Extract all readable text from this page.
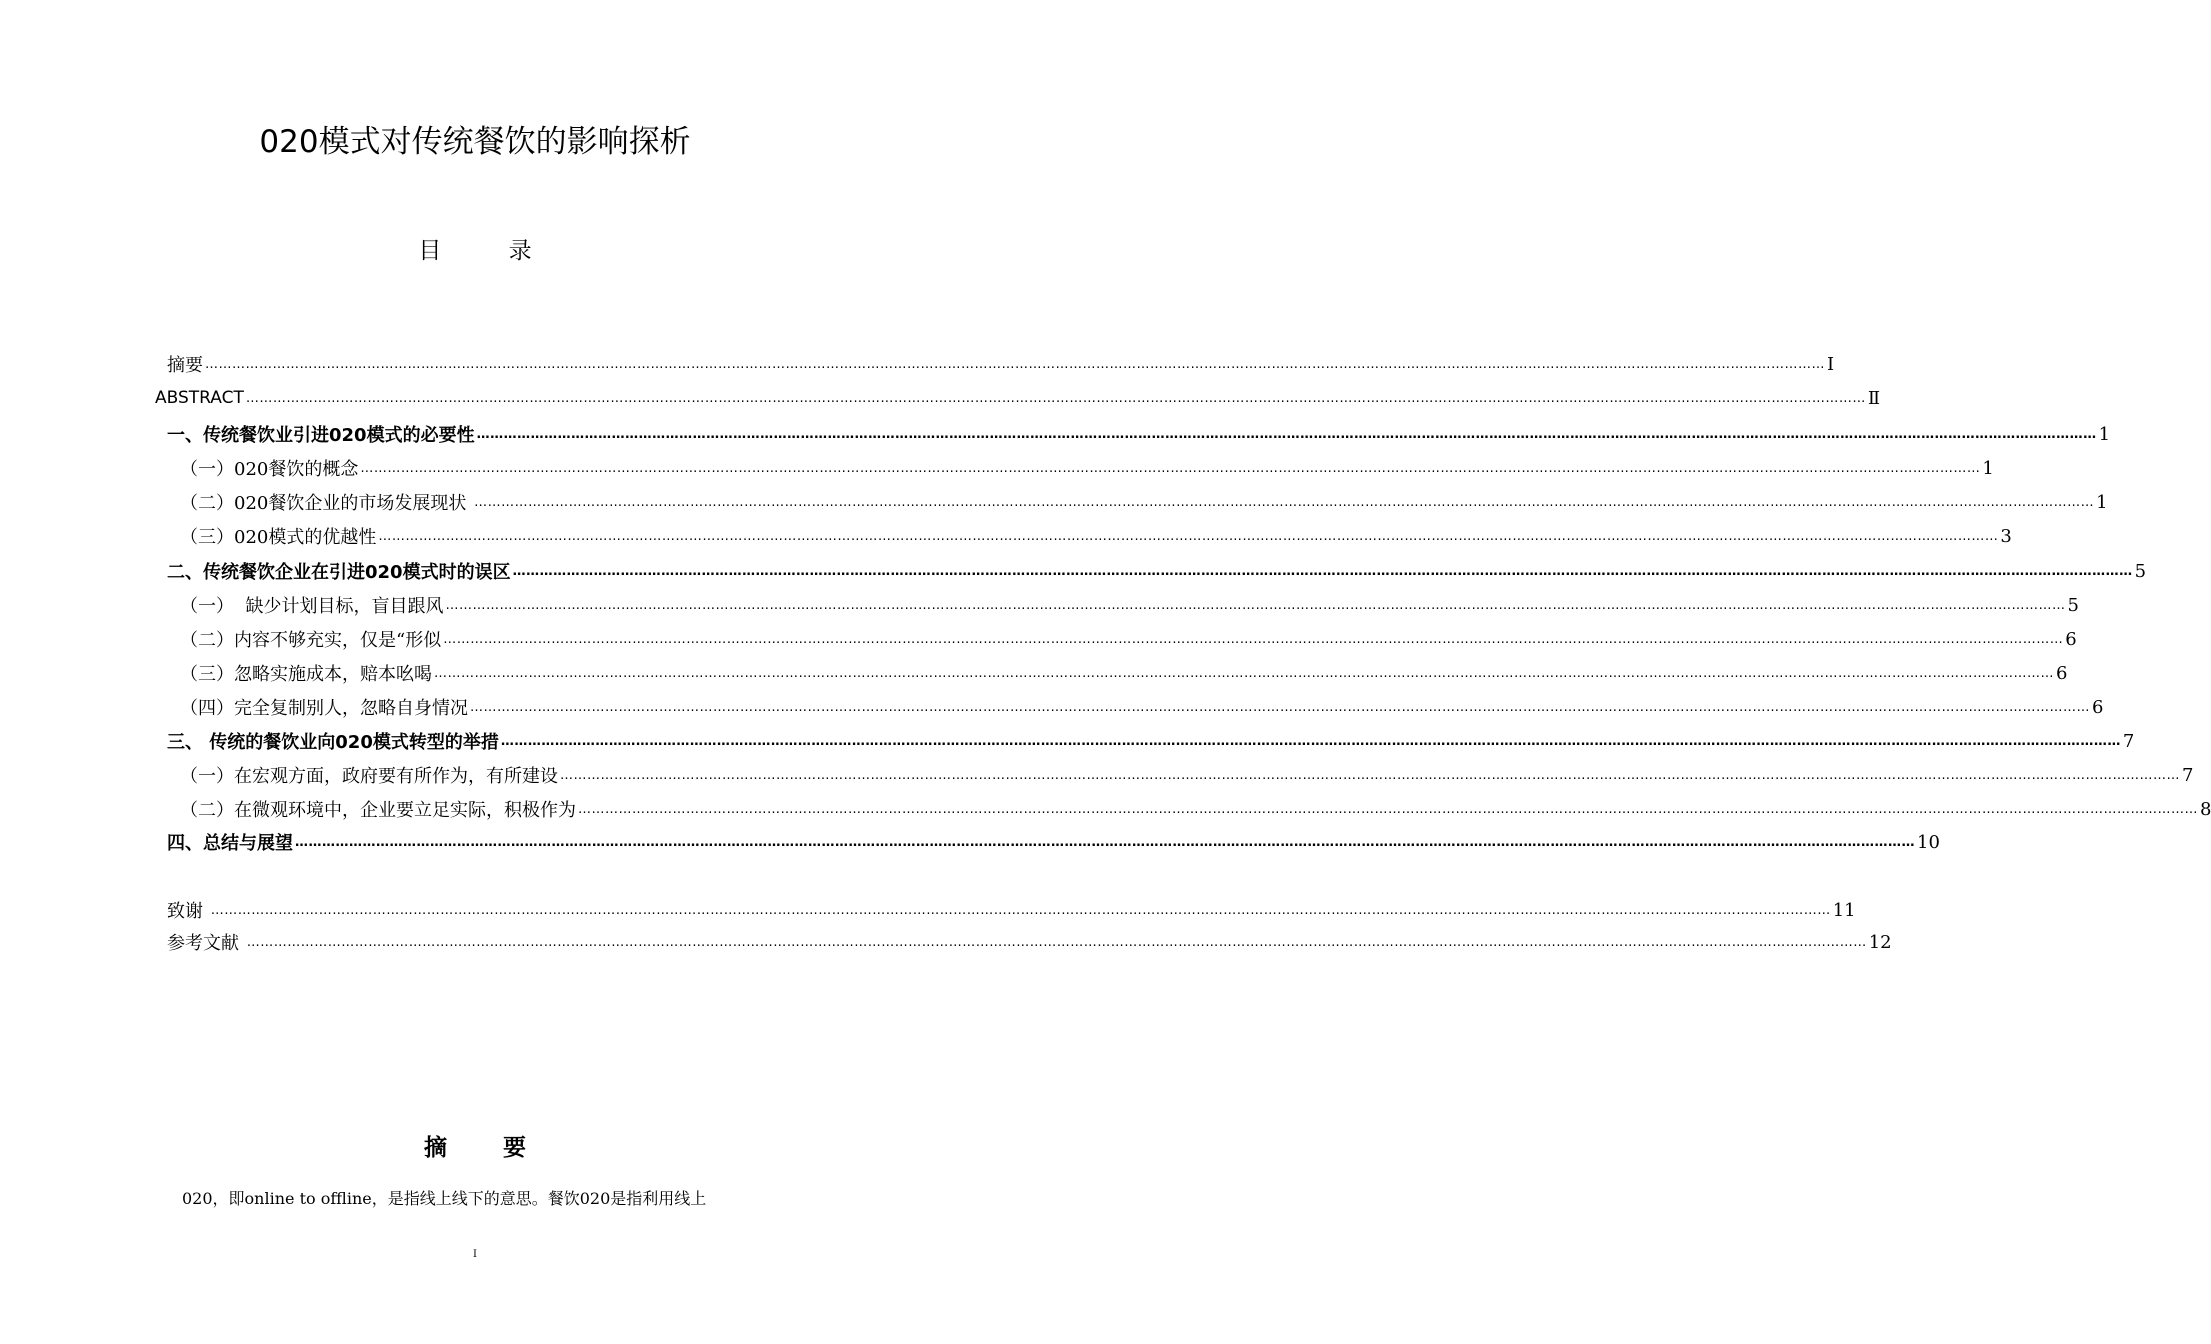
020模式对传统餐饮的影响探析
目 录
摘要 ……………………………………………………………………………………………………………………………………………………………………………………………………………………………………………………………………………………………………………………………… Ⅰ
ABSTRACT ……………………………………………………………………………………………………………………………………………………………………………………………………………………………………………………………………………………………………………………………… Ⅱ
一、传统餐饮业引进020模式的必要性 ……………………………………………………………………………………………………………………………………………………………………………………………………………………………………………………………………………………………………………………………… 1
（一）020餐饮的概念 ……………………………………………………………………………………………………………………………………………………………………………………………………………………………………………………………………………………………………………………………… 1
（二）020餐饮企业的市场发展现状 ……………………………………………………………………………………………………………………………………………………………………………………………………………………………………………………………………………………………………………………………… 1
（三）020模式的优越性 ……………………………………………………………………………………………………………………………………………………………………………………………………………………………………………………………………………………………………………………………… 3
二、传统餐饮企业在引进020模式时的误区 ……………………………………………………………………………………………………………………………………………………………………………………………………………………………………………………………………………………………………………………………… 5
（一）  缺少计划目标，盲目跟风 ……………………………………………………………………………………………………………………………………………………………………………………………………………………………………………………………………………………………………………………………… 5
（二）内容不够充实，仅是“形似 ……………………………………………………………………………………………………………………………………………………………………………………………………………………………………………………………………………………………………………………………… 6
（三）忽略实施成本，赔本吆喝 ……………………………………………………………………………………………………………………………………………………………………………………………………………………………………………………………………………………………………………………………… 6
（四）完全复制别人，忽略自身情况 ……………………………………………………………………………………………………………………………………………………………………………………………………………………………………………………………………………………………………………………………… 6
三、 传统的餐饮业向020模式转型的举措 ……………………………………………………………………………………………………………………………………………………………………………………………………………………………………………………………………………………………………………………………… 7
（一）在宏观方面，政府要有所作为，有所建设 ……………………………………………………………………………………………………………………………………………………………………………………………………………………………………………………………………………………………………………………………… 7
（二）在微观环境中，企业要立足实际，积极作为 ……………………………………………………………………………………………………………………………………………………………………………………………………………………………………………………………………………………………………………………………… 8
四、总结与展望 ……………………………………………………………………………………………………………………………………………………………………………………………………………………………………………………………………………………………………………………………… 10
致谢 ……………………………………………………………………………………………………………………………………………………………………………………………………………………………………………………………………………………………………………………………… 11
参考文献 ……………………………………………………………………………………………………………………………………………………………………………………………………………………………………………………………………………………………………………………………… 12
摘 要
020，即online to offline，是指线上线下的意思。餐饮020是指利用线上
I
